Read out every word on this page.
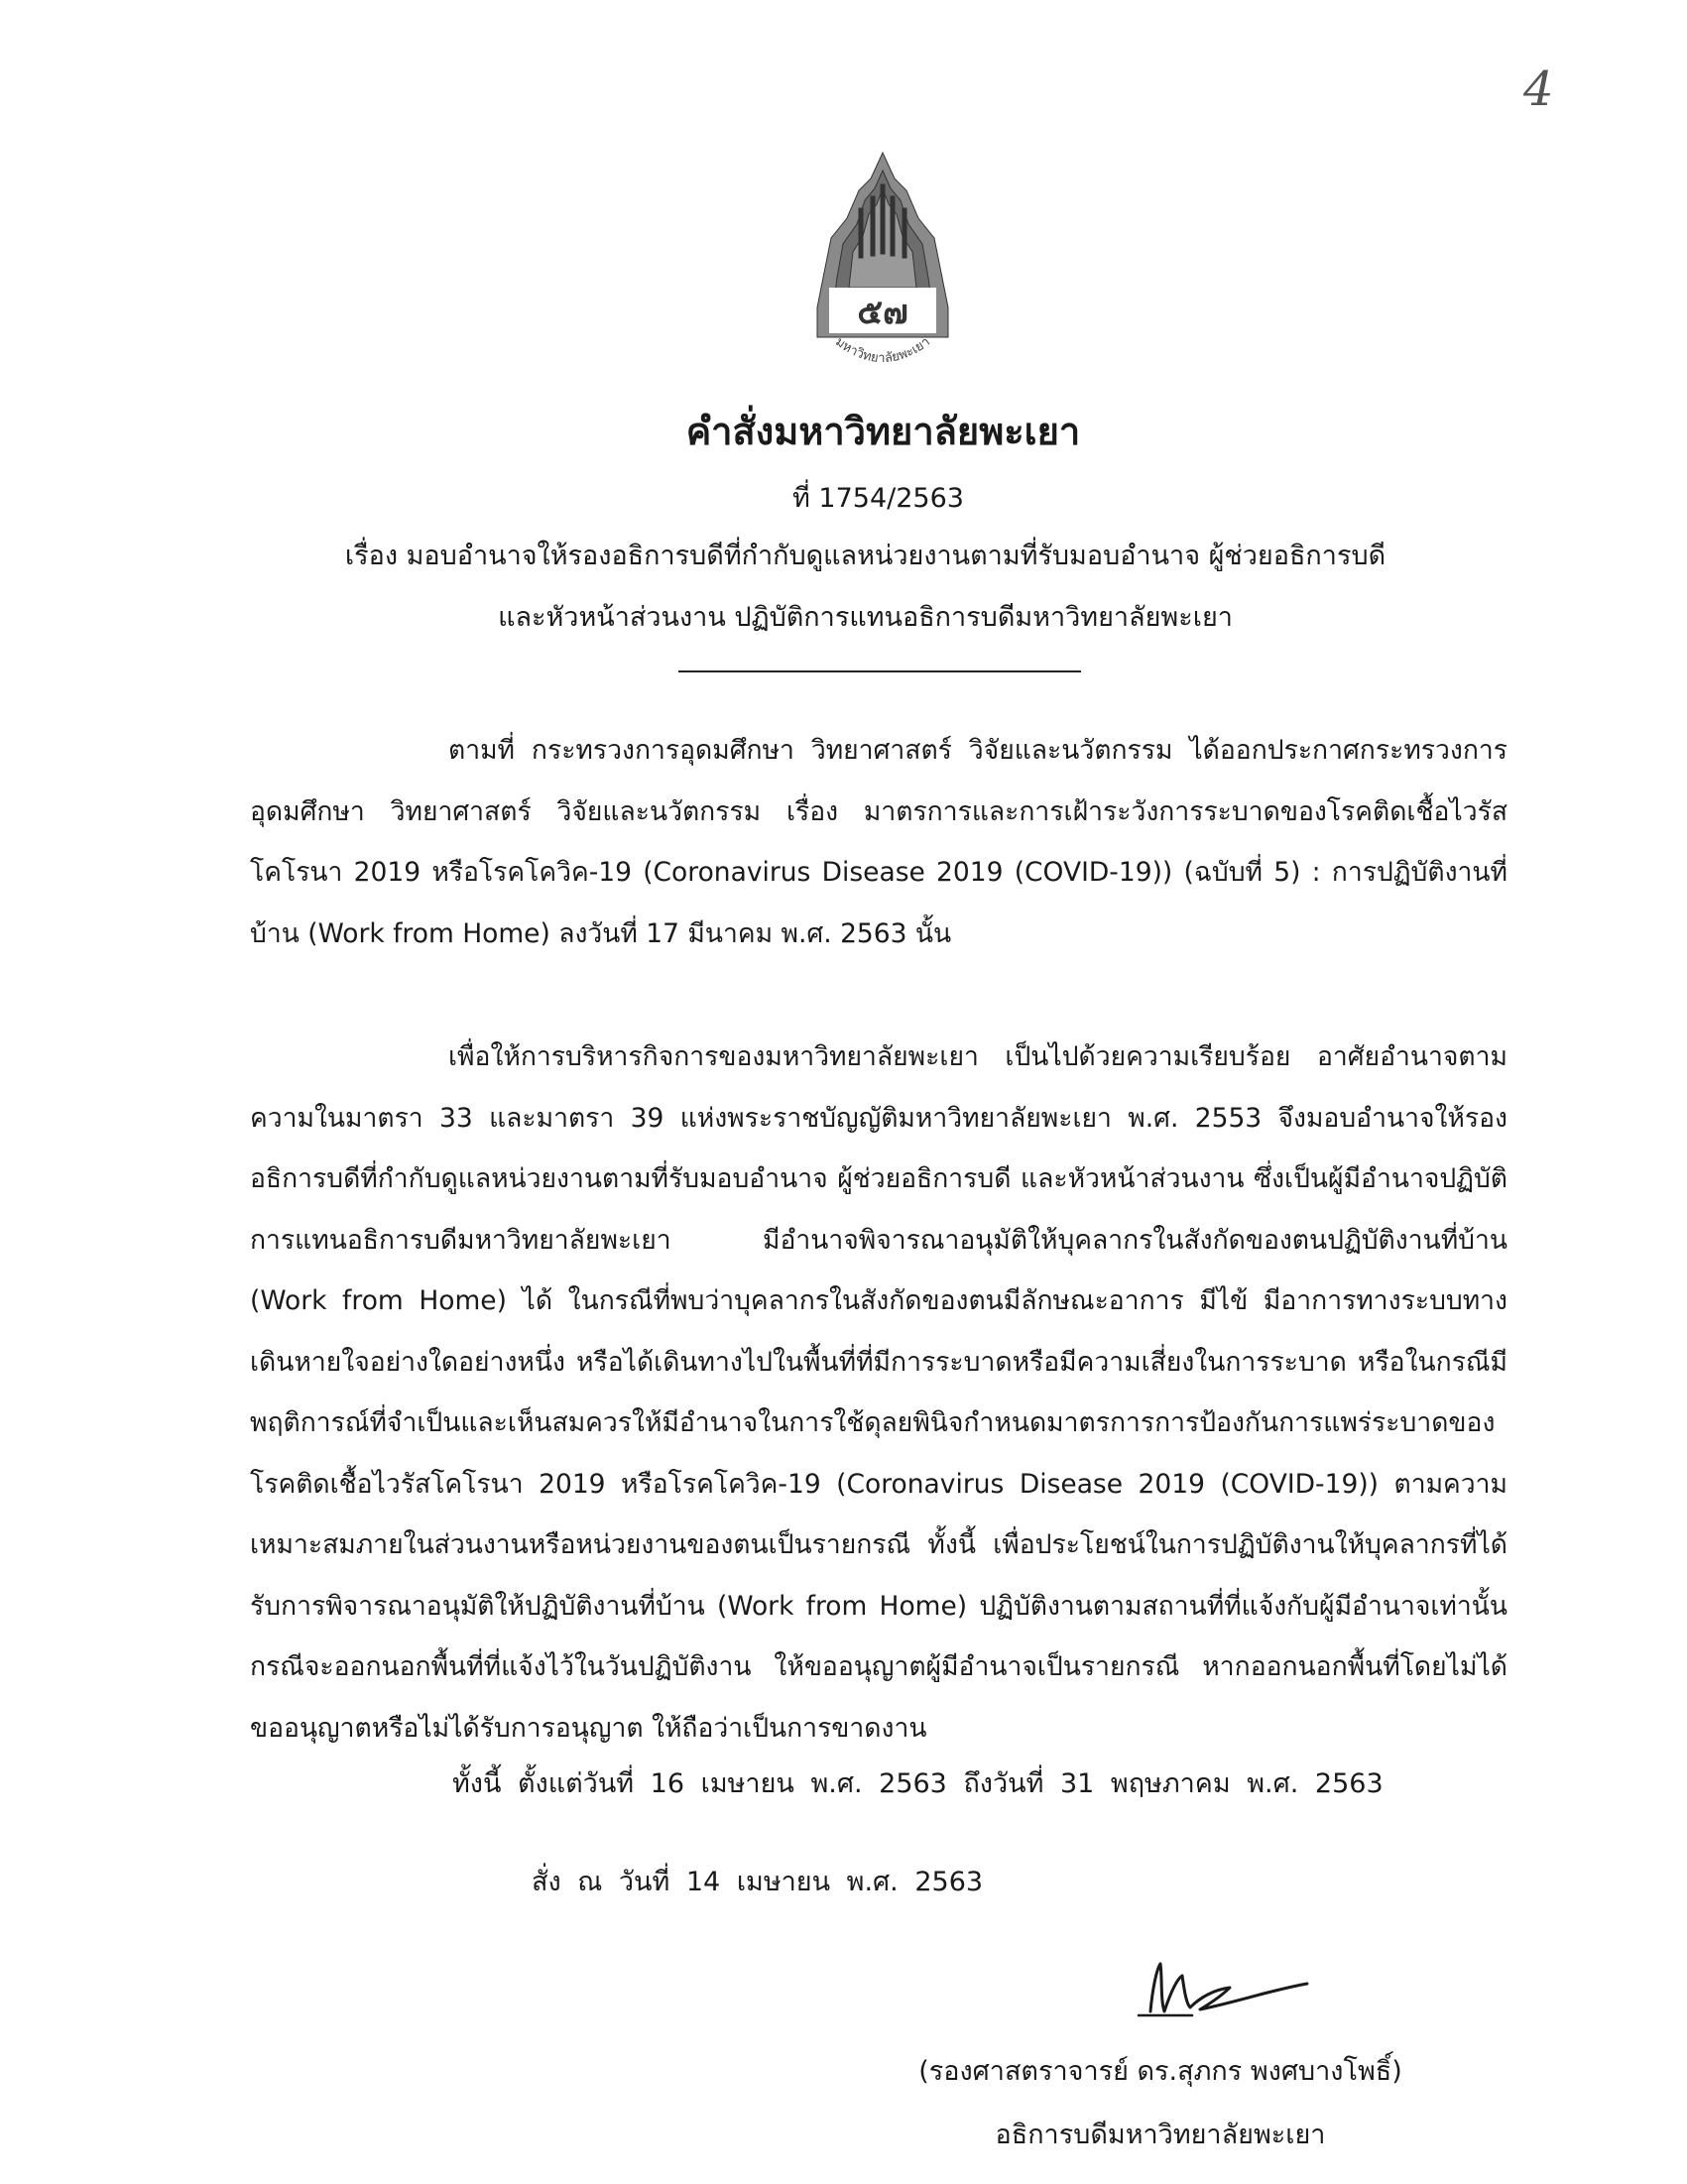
4
๕๗
มหาวิทยาลัยพะเยา
คำสั่งมหาวิทยาลัยพะเยา
ที่ 1754/2563
เรื่อง มอบอำนาจให้รองอธิการบดีที่กำกับดูแลหน่วยงานตามที่รับมอบอำนาจ ผู้ช่วยอธิการบดี
และหัวหน้าส่วนงาน ปฏิบัติการแทนอธิการบดีมหาวิทยาลัยพะเยา

ตามที่ กระทรวงการอุดมศึกษา วิทยาศาสตร์ วิจัยและนวัตกรรม ได้ออกประกาศกระทรวงการอุดมศึกษา วิทยาศาสตร์ วิจัยและนวัตกรรม เรื่อง มาตรการและการเฝ้าระวังการระบาดของโรคติดเชื้อไวรัสโคโรนา 2019 หรือโรคโควิค-19 (Coronavirus Disease 2019 (COVID-19)) (ฉบับที่ 5) : การปฏิบัติงานที่บ้าน (Work from Home) ลงวันที่ 17 มีนาคม พ.ศ. 2563 นั้น

เพื่อให้การบริหารกิจการของมหาวิทยาลัยพะเยา เป็นไปด้วยความเรียบร้อย อาศัยอำนาจตามความในมาตรา 33 และมาตรา 39 แห่งพระราชบัญญัติมหาวิทยาลัยพะเยา พ.ศ. 2553 จึงมอบอำนาจให้รองอธิการบดีที่กำกับดูแลหน่วยงานตามที่รับมอบอำนาจ ผู้ช่วยอธิการบดี และหัวหน้าส่วนงาน ซึ่งเป็นผู้มีอำนาจปฏิบัติการแทนอธิการบดีมหาวิทยาลัยพะเยา มีอำนาจพิจารณาอนุมัติให้บุคลากรในสังกัดของตนปฏิบัติงานที่บ้าน (Work from Home) ได้ ในกรณีที่พบว่าบุคลากรในสังกัดของตนมีลักษณะอาการ มีไข้ มีอาการทางระบบทางเดินหายใจอย่างใดอย่างหนึ่ง หรือได้เดินทางไปในพื้นที่ที่มีการระบาดหรือมีความเสี่ยงในการระบาด หรือในกรณีมีพฤติการณ์ที่จำเป็นและเห็นสมควรให้มีอำนาจในการใช้ดุลยพินิจกำหนดมาตรการการป้องกันการแพร่ระบาดของโรคติดเชื้อไวรัสโคโรนา 2019 หรือโรคโควิค-19 (Coronavirus Disease 2019 (COVID-19)) ตามความเหมาะสมภายในส่วนงานหรือหน่วยงานของตนเป็นรายกรณี ทั้งนี้ เพื่อประโยชน์ในการปฏิบัติงานให้บุคลากรที่ได้รับการพิจารณาอนุมัติให้ปฏิบัติงานที่บ้าน (Work from Home) ปฏิบัติงานตามสถานที่ที่แจ้งกับผู้มีอำนาจเท่านั้น กรณีจะออกนอกพื้นที่ที่แจ้งไว้ในวันปฏิบัติงาน ให้ขออนุญาตผู้มีอำนาจเป็นรายกรณี หากออกนอกพื้นที่โดยไม่ได้ขออนุญาตหรือไม่ได้รับการอนุญาต ให้ถือว่าเป็นการขาดงาน

ทั้งนี้ ตั้งแต่วันที่ 16 เมษายน พ.ศ. 2563 ถึงวันที่ 31 พฤษภาคม พ.ศ. 2563
สั่ง ณ วันที่ 14 เมษายน พ.ศ. 2563
(รองศาสตราจารย์ ดร.สุภกร พงศบางโพธิ์)
อธิการบดีมหาวิทยาลัยพะเยา
